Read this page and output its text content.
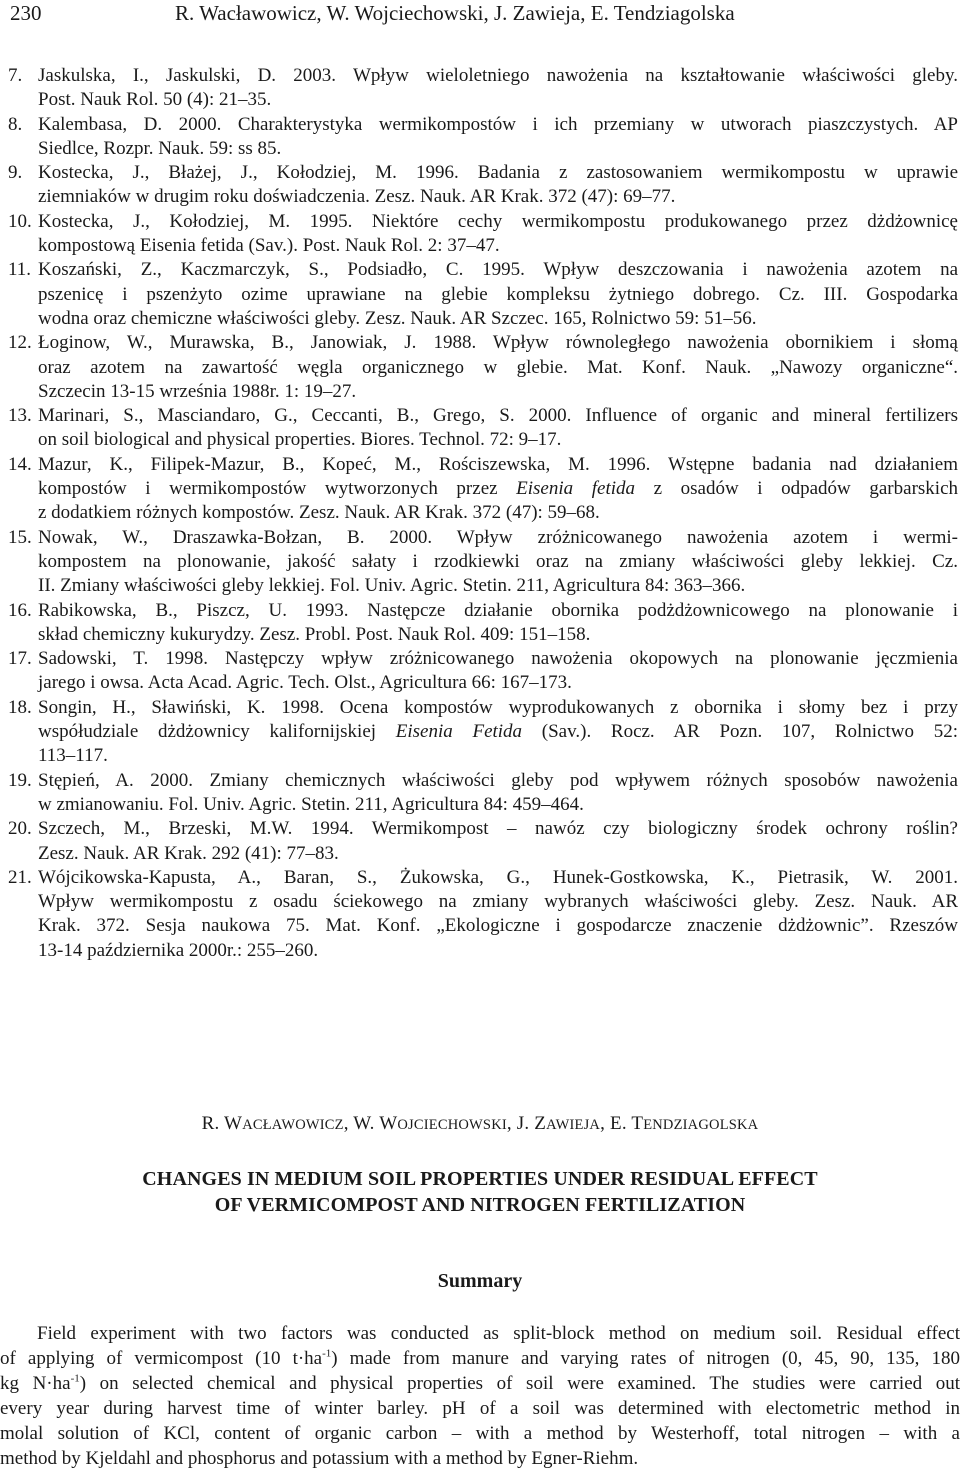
230	R. Wacławowicz, W. Wojciechowski, J. Zawieja, E. Tendziagolska
7. Jaskulska, I., Jaskulski, D. 2003. Wpływ wieloletniego nawożenia na kształtowanie właściwości gleby.
Post. Nauk Rol. 50 (4): 21–35.
8. Kalembasa, D. 2000. Charakterystyka wermikompostów i ich przemiany w utworach piaszczystych. AP
Siedlce, Rozpr. Nauk. 59: ss 85.
9. Kostecka, J., Błażej, J., Kołodziej, M. 1996. Badania z zastosowaniem wermikompostu w uprawie
ziemniaków w drugim roku doświadczenia. Zesz. Nauk. AR Krak. 372 (47): 69–77.
10. Kostecka, J., Kołodziej, M. 1995. Niektóre cechy wermikompostu produkowanego przez dżdżownicę
kompostową Eisenia fetida (Sav.). Post. Nauk Rol. 2: 37–47.
11. Koszański, Z., Kaczmarczyk, S., Podsiadło, C. 1995. Wpływ deszczowania i nawożenia azotem na
pszenicę i pszenżyto ozime uprawiane na glebie kompleksu żytniego dobrego. Cz. III. Gospodarka
wodna oraz chemiczne właściwości gleby. Zesz. Nauk. AR Szczec. 165, Rolnictwo 59: 51–56.
12. Łoginow, W., Murawska, B., Janowiak, J. 1988. Wpływ równoległego nawożenia obornikiem i słomą
oraz azotem na zawartość węgla organicznego w glebie. Mat. Konf. Nauk. „Nawozy organiczne“.
Szczecin 13-15 września 1988r. 1: 19–27.
13. Marinari, S., Masciandaro, G., Ceccanti, B., Grego, S. 2000. Influence of organic and mineral fertilizers
on soil biological and physical properties. Biores. Technol. 72: 9–17.
14. Mazur, K., Filipek-Mazur, B., Kopeć, M., Rościszewska, M. 1996. Wstępne badania nad działaniem
kompostów i wermikompostów wytworzonych przez Eisenia fetida z osadów i odpadów garbarskich
z dodatkiem różnych kompostów. Zesz. Nauk. AR Krak. 372 (47): 59–68.
15. Nowak, W., Draszawka-Bołzan, B. 2000. Wpływ zróżnicowanego nawożenia azotem i wermi-
kompostem na plonowanie, jakość sałaty i rzodkiewki oraz na zmiany właściwości gleby lekkiej. Cz.
II. Zmiany właściwości gleby lekkiej. Fol. Univ. Agric. Stetin. 211, Agricultura 84: 363–366.
16. Rabikowska, B., Piszcz, U. 1993. Następcze działanie obornika podżdżownicowego na plonowanie i
skład chemiczny kukurydzy. Zesz. Probl. Post. Nauk Rol. 409: 151–158.
17. Sadowski, T. 1998. Następczy wpływ zróżnicowanego nawożenia okopowych na plonowanie jęczmienia
jarego i owsa. Acta Acad. Agric. Tech. Olst., Agricultura 66: 167–173.
18. Songin, H., Sławiński, K. 1998. Ocena kompostów wyprodukowanych z obornika i słomy bez i przy
współudziale dżdżownicy kalifornijskiej Eisenia Fetida (Sav.). Rocz. AR Pozn. 107, Rolnictwo 52:
113–117.
19. Stępień, A. 2000. Zmiany chemicznych właściwości gleby pod wpływem różnych sposobów nawożenia
w zmianowaniu. Fol. Univ. Agric. Stetin. 211, Agricultura 84: 459–464.
20. Szczech, M., Brzeski, M.W. 1994. Wermikompost – nawóz czy biologiczny środek ochrony roślin?
Zesz. Nauk. AR Krak. 292 (41): 77–83.
21. Wójcikowska-Kapusta, A., Baran, S., Żukowska, G., Hunek-Gostkowska, K., Pietrasik, W. 2001.
Wpływ wermikompostu z osadu ściekowego na zmiany wybranych właściwości gleby. Zesz. Nauk. AR
Krak. 372. Sesja naukowa 75. Mat. Konf. „Ekologiczne i gospodarcze znaczenie dżdżownic”. Rzeszów
13-14 października 2000r.: 255–260.
R. WACŁAWOWICZ, W. WOJCIECHOWSKI, J. ZAWIEJA, E. TENDZIAGOLSKA
CHANGES IN MEDIUM SOIL PROPERTIES UNDER RESIDUAL EFFECT
OF VERMICOMPOST AND NITROGEN FERTILIZATION
Summary
Field experiment with two factors was conducted as split-block method on medium soil. Residual effect
of applying of vermicompost (10 $t\cdot ha^{-1}$) made from manure and varying rates of nitrogen (0, 45, 90, 135, 180
kg $N\cdot ha^{-1}$) on selected chemical and physical properties of soil were examined. The studies were carried out
every year during harvest time of winter barley. pH of a soil was determined with electometric method in
molal solution of KCl, content of organic carbon – with a method by Westerhoff, total nitrogen – with a
method by Kjeldahl and phosphorus and potassium with a method by Egner-Riehm.
